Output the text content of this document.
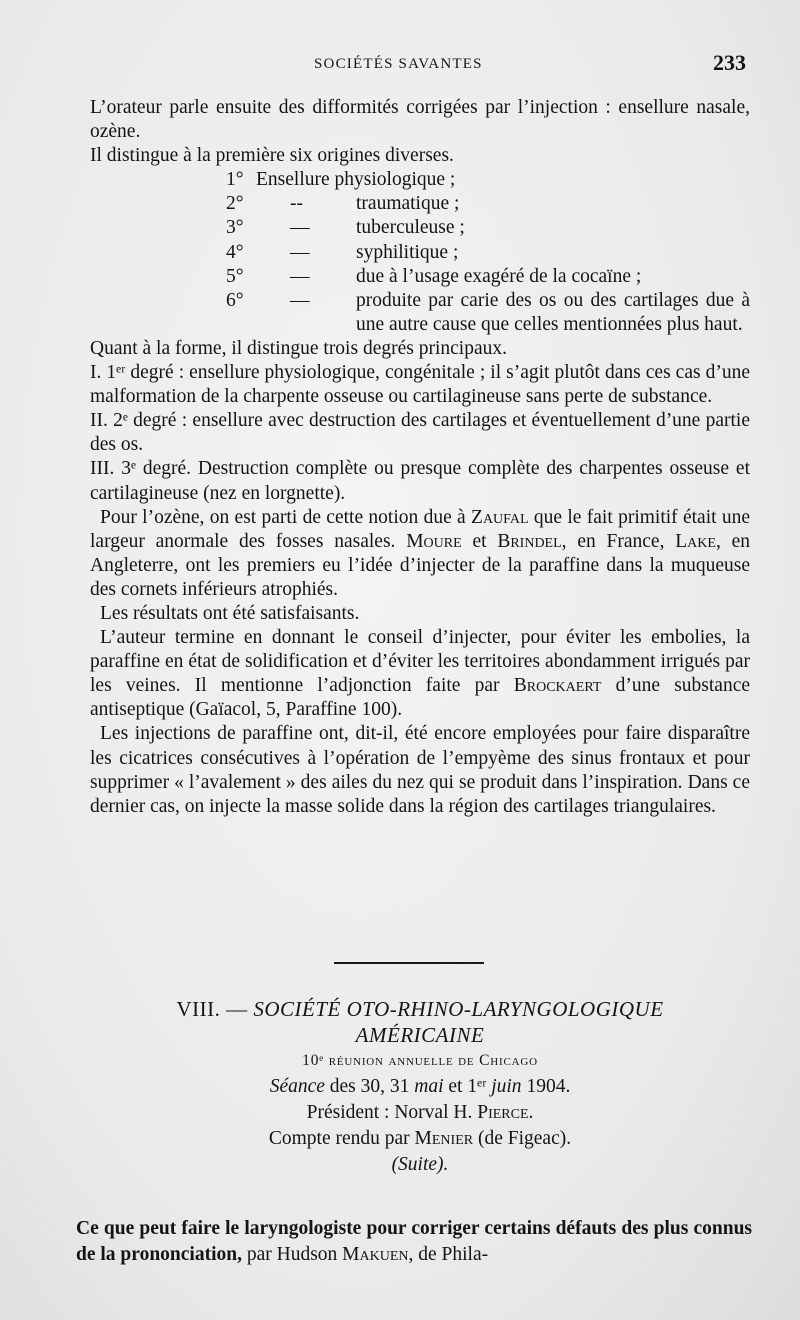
SOCIÉTÉS SAVANTES	233

L’orateur parle ensuite des difformités corrigées par l’injection : ensellure nasale, ozène.

Il distingue à la première six origines diverses.

1° Ensellure physiologique ;
2° --	traumatique ;
3° — tuberculeuse ;
4° — syphilitique ;
5° — due à l’usage exagéré de la cocaïne ;
6° — produite par carie des os ou des cartilages due à une autre cause que celles mentionnées plus haut.

Quant à la forme, il distingue trois degrés principaux.

I. 1ᵉʳ degré : ensellure physiologique, congénitale ; il s’agit plutôt dans ces cas d’une malformation de la charpente osseuse ou cartilagineuse sans perte de substance.

II. 2ᵉ degré : ensellure avec destruction des cartilages et éventuellement d’une partie des os.

III. 3ᵉ degré. Destruction complète ou presque complète des charpentes osseuse et cartilagineuse (nez en lorgnette).

Pour l’ozène, on est parti de cette notion due à Zaufal que le fait primitif était une largeur anormale des fosses nasales. Moure et Brindel, en France, Lake, en Angleterre, ont les premiers eu l’idée d’injecter de la paraffine dans la muqueuse des cornets inférieurs atrophiés.

Les résultats ont été satisfaisants.

L’auteur termine en donnant le conseil d’injecter, pour éviter les embolies, la paraffine en état de solidification et d’éviter les territoires abondamment irrigués par les veines. Il mentionne l’adjonction faite par Brockaert d’une substance antiseptique (Gaïacol, 5, Paraffine 100).

Les injections de paraffine ont, dit-il, été encore employées pour faire disparaître les cicatrices consécutives à l’opération de l’empyème des sinus frontaux et pour supprimer « l’avalement » des ailes du nez qui se produit dans l’inspiration. Dans ce dernier cas, on injecte la masse solide dans la région des cartilages triangulaires.

VIII. — SOCIÉTÉ OTO-RHINO-LARYNGOLOGIQUE
AMÉRICAINE
10ᵉ réunion annuelle de Chicago
Séance des 30, 31 mai et 1ᵉʳ juin 1904.
Président : Norval H. Pierce.
Compte rendu par Menier (de Figeac).
(Suite).

Ce que peut faire le laryngologiste pour corriger certains défauts des plus connus de la prononciation, par Hudson Makuen, de Phila-
